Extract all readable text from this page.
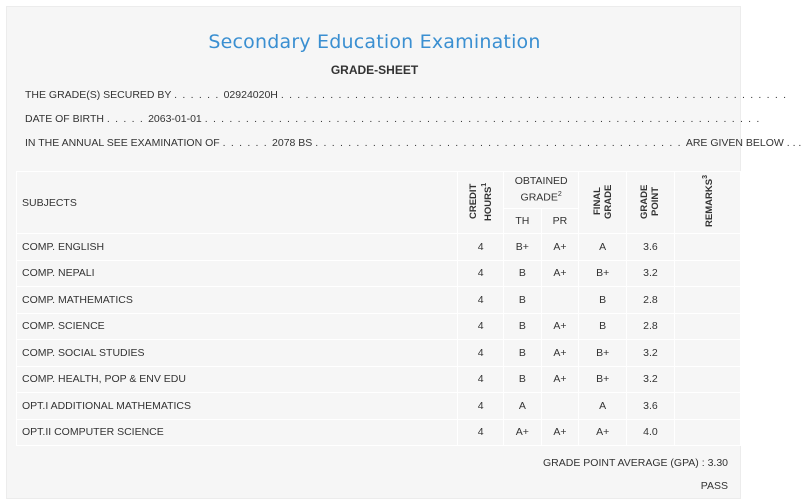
Secondary Education Examination
GRADE-SHEET
THE GRADE(S) SECURED BY . . . . . . 02924020H . . . . . . . . . . . . . . . . . . . . . . . . . . . . . . . . . . . . . . . . . . . . . . . . . . . . . . . . . . . . . .
DATE OF BIRTH . . . . . 2063-01-01 . . . . . . . . . . . . . . . . . . . . . . . . . . . . . . . . . . . . . . . . . . . . . . . . . . . . . . . . . . . . . . . . . . . .
IN THE ANNUAL SEE EXAMINATION OF . . . . . . 2078 BS . . . . . . . . . . . . . . . . . . . . . . . . . . . . . . . . . . . . . . . . . . . . . ARE GIVEN BELOW . . .
SUBJECTS	CREDIT HOURS$^1$	OBTAINED GRADE$^2$		FINAL GRADE	GRADE POINT	REMARKS$^3$
		TH	PR			
COMP. ENGLISH	4	B+	A+	A	3.6	
COMP. NEPALI	4	B	A+	B+	3.2	
COMP. MATHEMATICS	4	B		B	2.8	
COMP. SCIENCE	4	B	A+	B	2.8	
COMP. SOCIAL STUDIES	4	B	A+	B+	3.2	
COMP. HEALTH, POP & ENV EDU	4	B	A+	B+	3.2	
OPT.I ADDITIONAL MATHEMATICS	4	A		A	3.6	
OPT.II COMPUTER SCIENCE	4	A+	A+	A+	4.0	
GRADE POINT AVERAGE (GPA) : 3.30
PASS
